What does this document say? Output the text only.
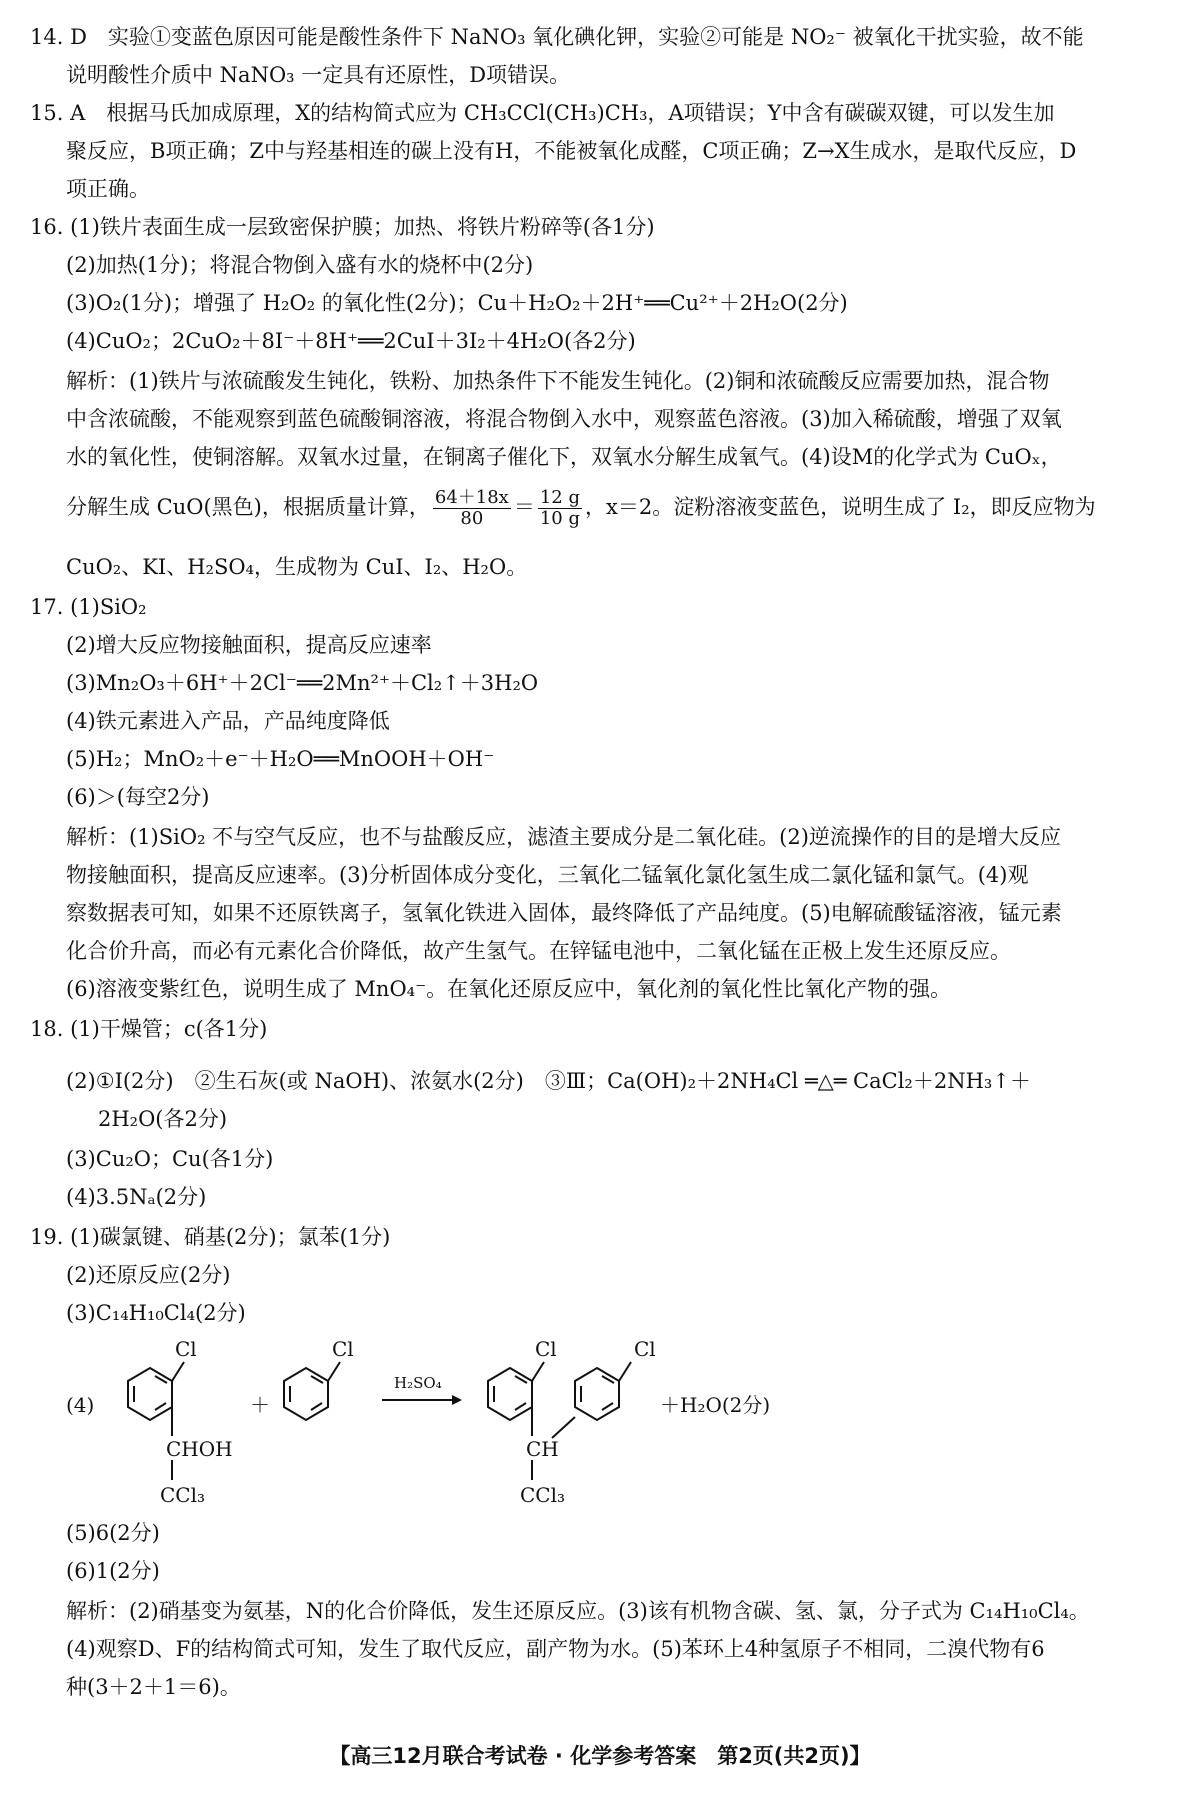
14. D　实验①变蓝色原因可能是酸性条件下 NaNO₃ 氧化碘化钾，实验②可能是 NO₂⁻ 被氧化干扰实验，故不能
说明酸性介质中 NaNO₃ 一定具有还原性，D项错误。
15. A　根据马氏加成原理，X的结构简式应为 CH₃CCl(CH₃)CH₃，A项错误；Y中含有碳碳双键，可以发生加
聚反应，B项正确；Z中与羟基相连的碳上没有H，不能被氧化成醛，C项正确；Z→X生成水，是取代反应，D
项正确。
16. (1)铁片表面生成一层致密保护膜；加热、将铁片粉碎等(各1分)
(2)加热(1分)；将混合物倒入盛有水的烧杯中(2分)
(3)O₂(1分)；增强了 H₂O₂ 的氧化性(2分)；Cu＋H₂O₂＋2H⁺══Cu²⁺＋2H₂O(2分)
(4)CuO₂；2CuO₂＋8I⁻＋8H⁺══2CuI＋3I₂＋4H₂O(各2分)
解析：(1)铁片与浓硫酸发生钝化，铁粉、加热条件下不能发生钝化。(2)铜和浓硫酸反应需要加热，混合物
中含浓硫酸，不能观察到蓝色硫酸铜溶液，将混合物倒入水中，观察蓝色溶液。(3)加入稀硫酸，增强了双氧
水的氧化性，使铜溶解。双氧水过量，在铜离子催化下，双氧水分解生成氧气。(4)设M的化学式为 CuOₓ，
分解生成 CuO(黑色)，根据质量计算， $\frac{64+18x}{80} = \frac{12 g}{10 g}$ ，x＝2。淀粉溶液变蓝色，说明生成了 I₂，即反应物为
CuO₂、KI、H₂SO₄，生成物为 CuI、I₂、H₂O。
17. (1)SiO₂
(2)增大反应物接触面积，提高反应速率
(3)Mn₂O₃＋6H⁺＋2Cl⁻══2Mn²⁺＋Cl₂↑＋3H₂O
(4)铁元素进入产品，产品纯度降低
(5)H₂；MnO₂＋e⁻＋H₂O══MnOOH＋OH⁻
(6)＞(每空2分)
解析：(1)SiO₂ 不与空气反应，也不与盐酸反应，滤渣主要成分是二氧化硅。(2)逆流操作的目的是增大反应
物接触面积，提高反应速率。(3)分析固体成分变化，三氧化二锰氧化氯化氢生成二氯化锰和氯气。(4)观
察数据表可知，如果不还原铁离子，氢氧化铁进入固体，最终降低了产品纯度。(5)电解硫酸锰溶液，锰元素
化合价升高，而必有元素化合价降低，故产生氢气。在锌锰电池中，二氧化锰在正极上发生还原反应。
(6)溶液变紫红色，说明生成了 MnO₄⁻。在氧化还原反应中，氧化剂的氧化性比氧化产物的强。
18. (1)干燥管；c(各1分)
(2)①Ⅰ(2分)　②生石灰(或 NaOH)、浓氨水(2分)　③Ⅲ；Ca(OH)₂＋2NH₄Cl ═△═ CaCl₂＋2NH₃↑＋
2H₂O(各2分)
(3)Cu₂O；Cu(各1分)
(4)3.5Nₐ(2分)
19. (1)碳氯键、硝基(2分)；氯苯(1分)
(2)还原反应(2分)
(3)C₁₄H₁₀Cl₄(2分)
(4)
Cl
CHOH
CCl₃
＋
Cl
H₂SO₄
Cl
CH
CCl₃
Cl
＋H₂O(2分)
(5)6(2分)
(6)1(2分)
解析：(2)硝基变为氨基，N的化合价降低，发生还原反应。(3)该有机物含碳、氢、氯，分子式为 C₁₄H₁₀Cl₄。
(4)观察D、F的结构简式可知，发生了取代反应，副产物为水。(5)苯环上4种氢原子不相同，二溴代物有6
种(3＋2＋1＝6)。
【高三12月联合考试卷 · 化学参考答案　第2页(共2页)】
